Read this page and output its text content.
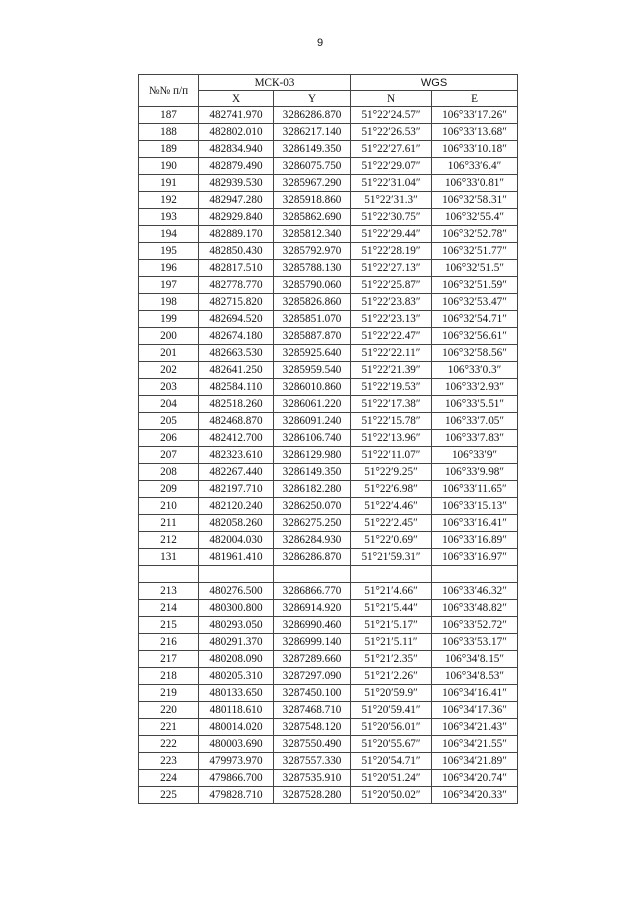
9
№№ п/п	МСК-03		WGS	
	X	Y	N	E
187	482741.970	3286286.870	51°22′24.57″	106°33′17.26″
188	482802.010	3286217.140	51°22′26.53″	106°33′13.68″
189	482834.940	3286149.350	51°22′27.61″	106°33′10.18″
190	482879.490	3286075.750	51°22′29.07″	106°33′6.4″
191	482939.530	3285967.290	51°22′31.04″	106°33′0.81″
192	482947.280	3285918.860	51°22′31.3″	106°32′58.31″
193	482929.840	3285862.690	51°22′30.75″	106°32′55.4″
194	482889.170	3285812.340	51°22′29.44″	106°32′52.78″
195	482850.430	3285792.970	51°22′28.19″	106°32′51.77″
196	482817.510	3285788.130	51°22′27.13″	106°32′51.5″
197	482778.770	3285790.060	51°22′25.87″	106°32′51.59″
198	482715.820	3285826.860	51°22′23.83″	106°32′53.47″
199	482694.520	3285851.070	51°22′23.13″	106°32′54.71″
200	482674.180	3285887.870	51°22′22.47″	106°32′56.61″
201	482663.530	3285925.640	51°22′22.11″	106°32′58.56″
202	482641.250	3285959.540	51°22′21.39″	106°33′0.3″
203	482584.110	3286010.860	51°22′19.53″	106°33′2.93″
204	482518.260	3286061.220	51°22′17.38″	106°33′5.51″
205	482468.870	3286091.240	51°22′15.78″	106°33′7.05″
206	482412.700	3286106.740	51°22′13.96″	106°33′7.83″
207	482323.610	3286129.980	51°22′11.07″	106°33′9″
208	482267.440	3286149.350	51°22′9.25″	106°33′9.98″
209	482197.710	3286182.280	51°22′6.98″	106°33′11.65″
210	482120.240	3286250.070	51°22′4.46″	106°33′15.13″
211	482058.260	3286275.250	51°22′2.45″	106°33′16.41″
212	482004.030	3286284.930	51°22′0.69″	106°33′16.89″
131	481961.410	3286286.870	51°21′59.31″	106°33′16.97″

213	480276.500	3286866.770	51°21′4.66″	106°33′46.32″
214	480300.800	3286914.920	51°21′5.44″	106°33′48.82″
215	480293.050	3286990.460	51°21′5.17″	106°33′52.72″
216	480291.370	3286999.140	51°21′5.11″	106°33′53.17″
217	480208.090	3287289.660	51°21′2.35″	106°34′8.15″
218	480205.310	3287297.090	51°21′2.26″	106°34′8.53″
219	480133.650	3287450.100	51°20′59.9″	106°34′16.41″
220	480118.610	3287468.710	51°20′59.41″	106°34′17.36″
221	480014.020	3287548.120	51°20′56.01″	106°34′21.43″
222	480003.690	3287550.490	51°20′55.67″	106°34′21.55″
223	479973.970	3287557.330	51°20′54.71″	106°34′21.89″
224	479866.700	3287535.910	51°20′51.24″	106°34′20.74″
225	479828.710	3287528.280	51°20′50.02″	106°34′20.33″
